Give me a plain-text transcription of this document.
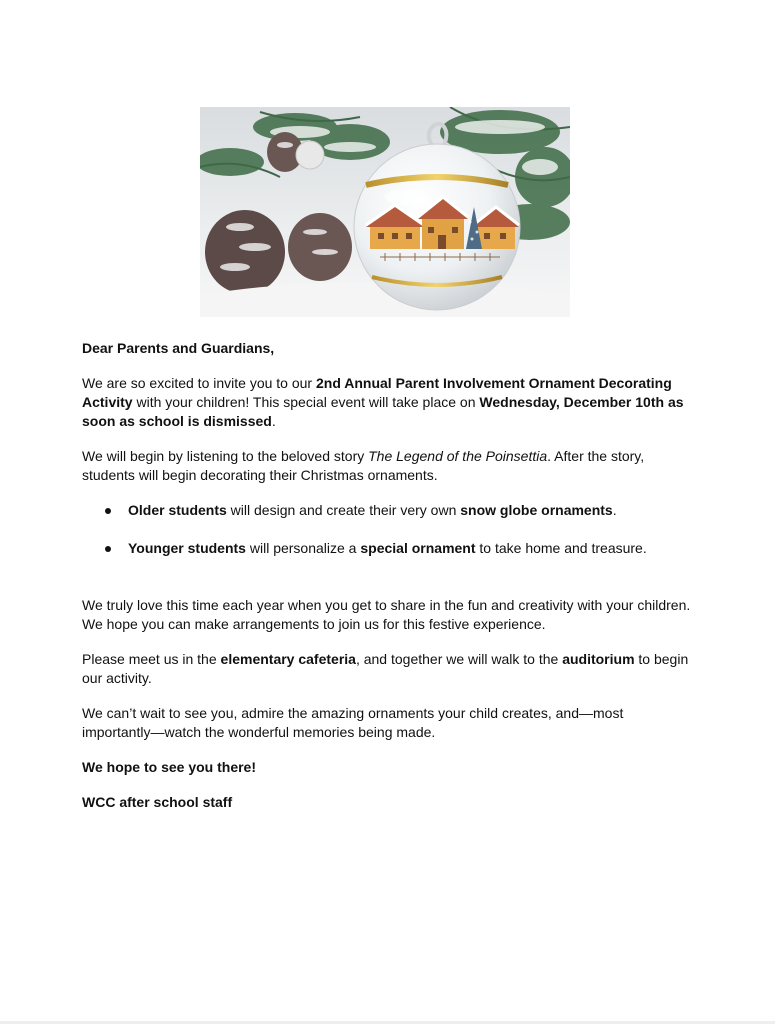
Dear Parents and Guardians,

We are so excited to invite you to our 2nd Annual Parent Involvement Ornament Decorating Activity with your children! This special event will take place on Wednesday, December 10th as soon as school is dismissed.

We will begin by listening to the beloved story The Legend of the Poinsettia. After the story, students will begin decorating their Christmas ornaments.

Older students will design and create their very own snow globe ornaments.
Younger students will personalize a special ornament to take home and treasure.

We truly love this time each year when you get to share in the fun and creativity with your children. We hope you can make arrangements to join us for this festive experience.

Please meet us in the elementary cafeteria, and together we will walk to the auditorium to begin our activity.

We can’t wait to see you, admire the amazing ornaments your child creates, and—most importantly—watch the wonderful memories being made.

We hope to see you there!

WCC after school staff
